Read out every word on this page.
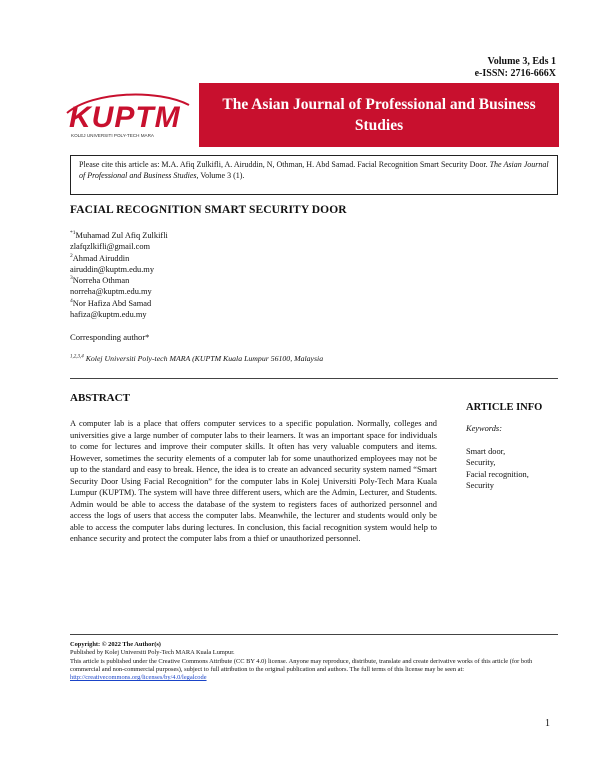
Volume 3, Eds 1
e-ISSN: 2716-666X
KUPTM
KOLEJ UNIVERSITI POLY-TECH MARA
The Asian Journal of Professional and Business Studies
Please cite this article as: M.A. Afiq Zulkifli, A. Airuddin, N, Othman, H. Abd Samad. Facial Recognition Smart Security Door. The Asian Journal of Professional and Business Studies, Volume 3 (1).
FACIAL RECOGNITION SMART SECURITY DOOR
$^{*1}$Muhamad Zul Afiq Zulkifli
zlafqzlkifli@gmail.com
$^2$Ahmad Airuddin
airuddin@kuptm.edu.my
$^3$Norreha Othman
norreha@kuptm.edu.my
$^4$Nor Hafiza Abd Samad
hafiza@kuptm.edu.my
Corresponding author*
$^{1,2,3,4}$ Kolej Universiti Poly-tech MARA (KUPTM Kuala Lumpur 56100, Malaysia
ABSTRACT
A computer lab is a place that offers computer services to a specific population. Normally, colleges and universities give a large number of computer labs to their learners. It was an important space for individuals to come for lectures and improve their computer skills. It often has very valuable computers and items. However, sometimes the security elements of a computer lab for some unauthorized employees may not be up to the standard and easy to break. Hence, the idea is to create an advanced security system named “Smart Security Door Using Facial Recognition” for the computer labs in Kolej Universiti Poly-Tech Mara Kuala Lumpur (KUPTM). The system will have three different users, which are the Admin, Lecturer, and Students. Admin would be able to access the database of the system to registers faces of authorized personnel and access the logs of users that access the computer labs. Meanwhile, the lecturer and students would only be able to access the computer labs during lectures. In conclusion, this facial recognition system would help to enhance security and protect the computer labs from a thief or unauthorized personnel.
ARTICLE INFO
Keywords:
Smart door,
Security,
Facial recognition,
Security
Copyright: © 2022 The Author(s)
Published by Kolej Universiti Poly-Tech MARA Kuala Lumpur.
This article is published under the Creative Commons Attribute (CC BY 4.0) license. Anyone may reproduce, distribute, translate and create derivative works of this article (for both commercial and non-commercial purposes), subject to full attribution to the original publication and authors. The full terms of this license may be seen at: http://creativecommons.org/licenses/by/4.0/legalcode
1
